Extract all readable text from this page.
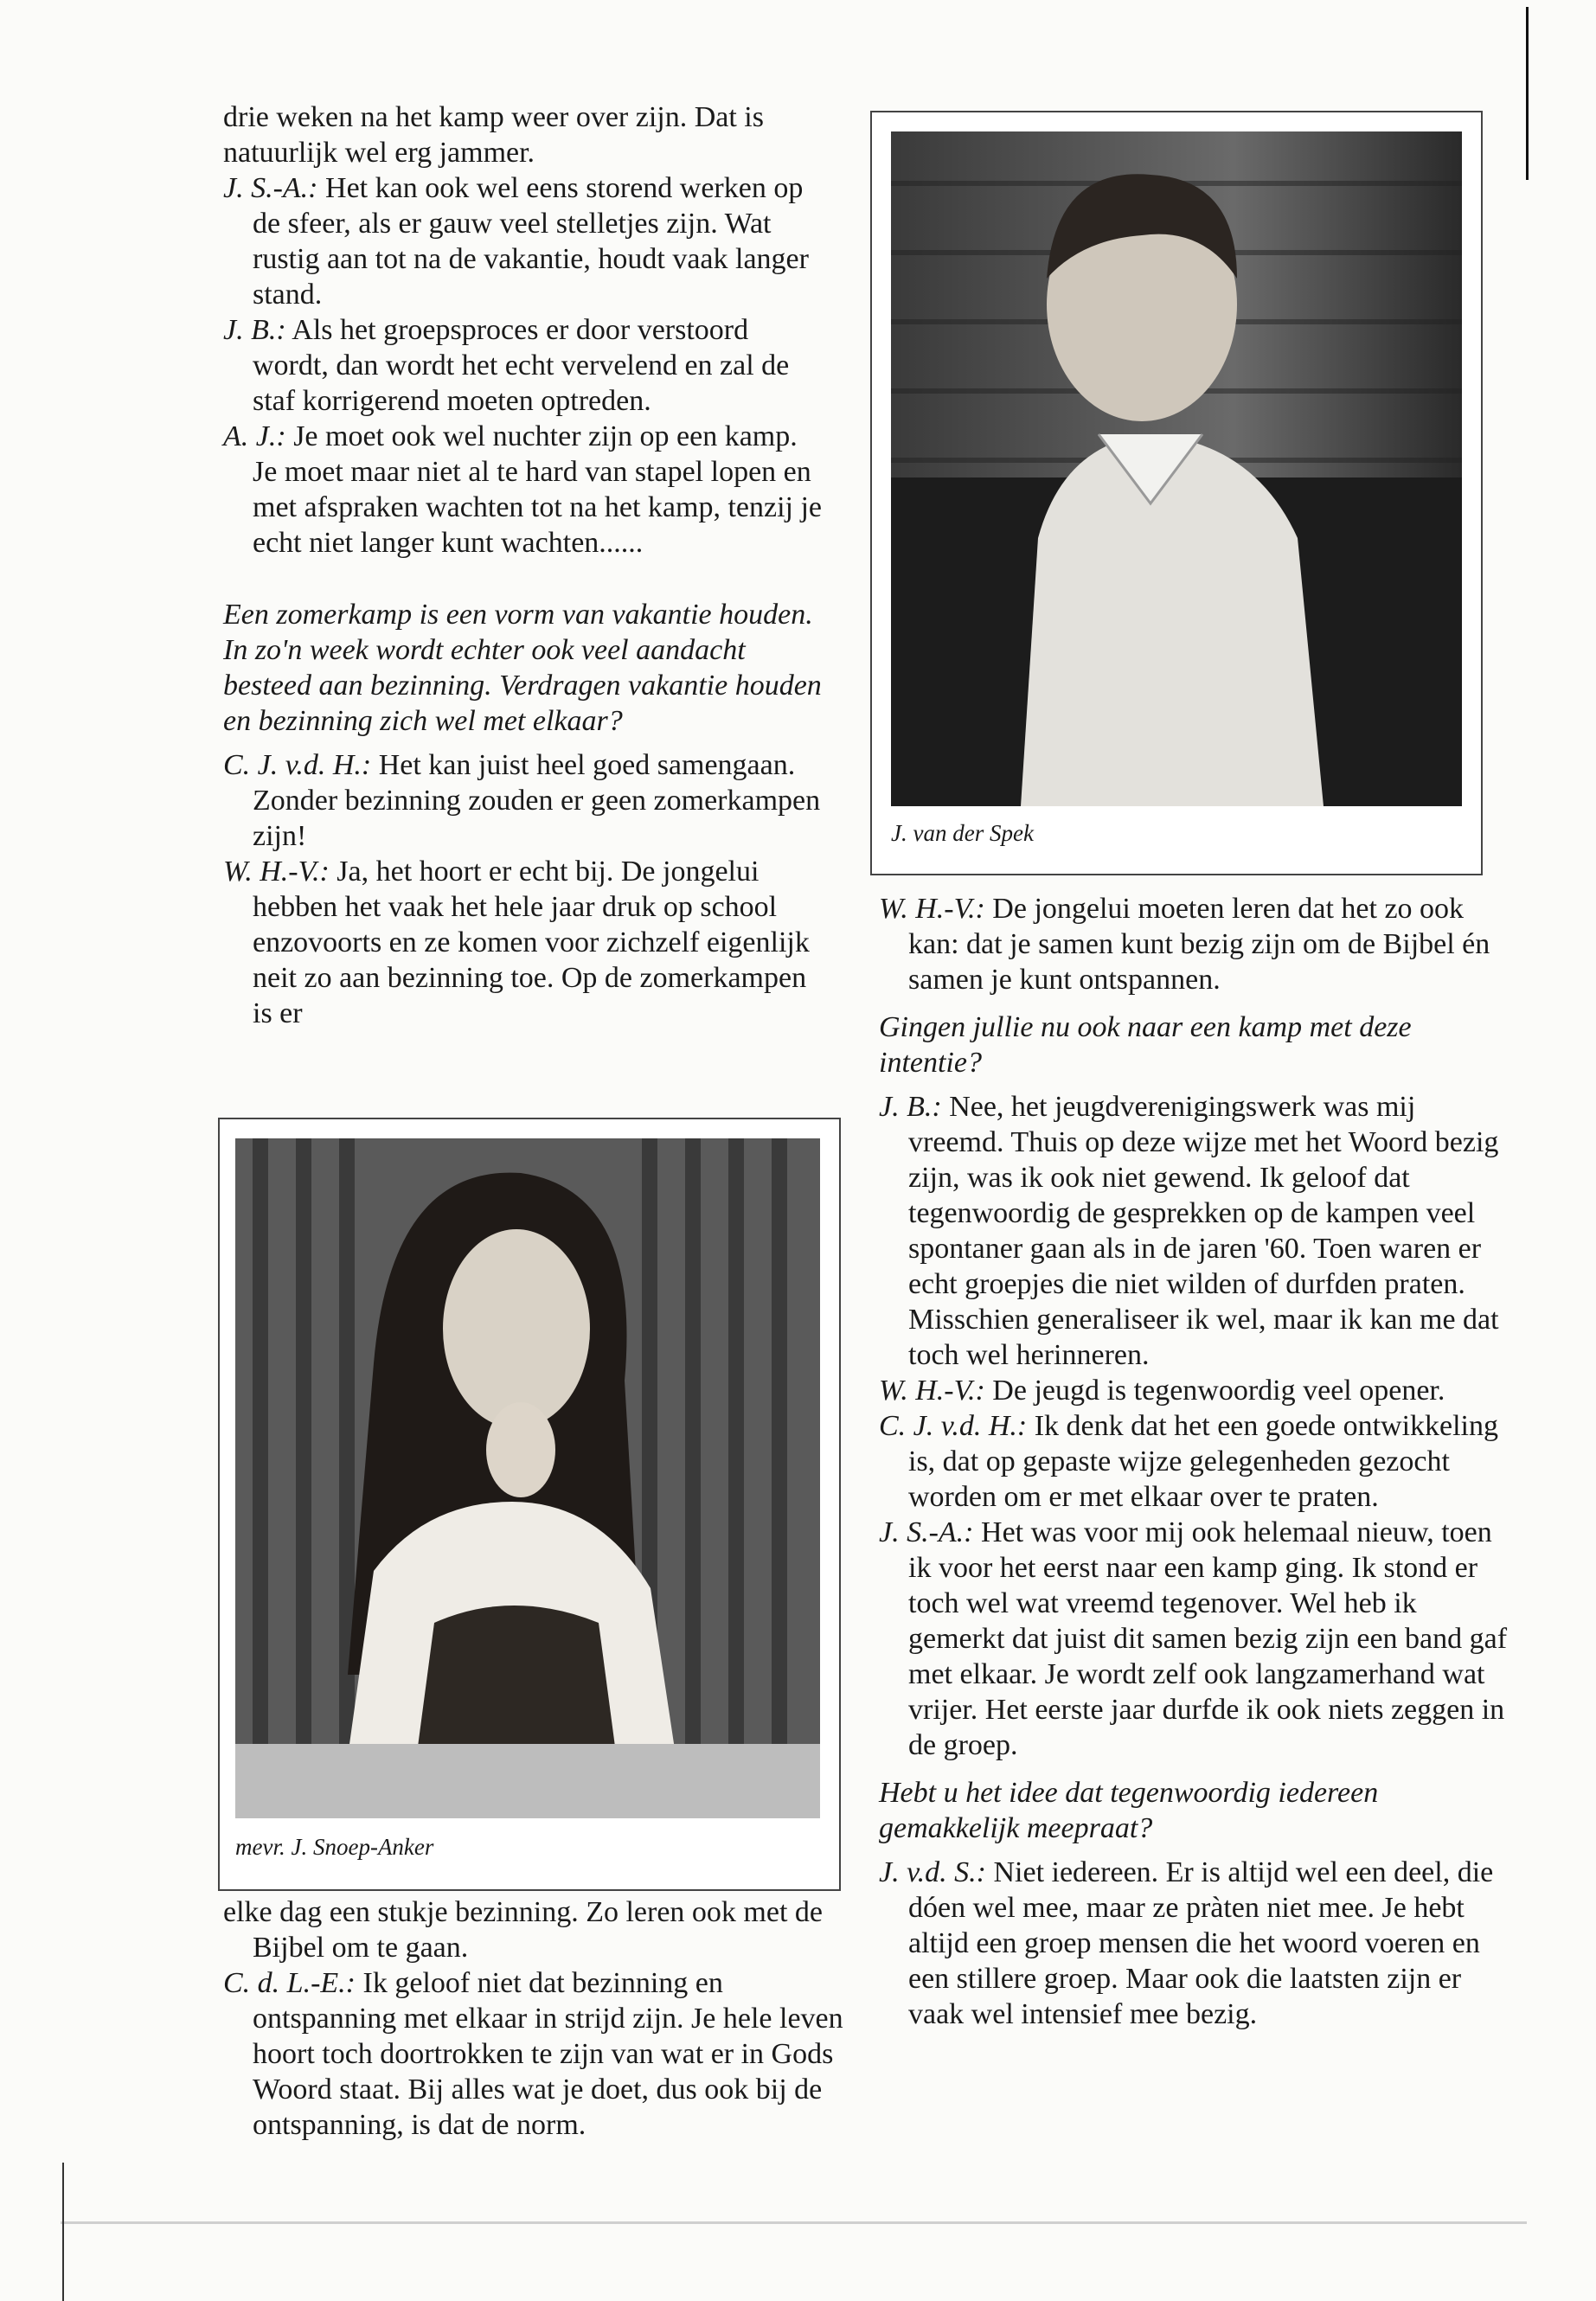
drie weken na het kamp weer over zijn. Dat is natuurlijk wel erg jammer.

J. S.-A.: Het kan ook wel eens storend werken op de sfeer, als er gauw veel stelletjes zijn. Wat rustig aan tot na de vakantie, houdt vaak langer stand.

J. B.: Als het groepsproces er door verstoord wordt, dan wordt het echt vervelend en zal de staf korrigerend moeten optreden.

A. J.: Je moet ook wel nuchter zijn op een kamp. Je moet maar niet al te hard van stapel lopen en met afspraken wachten tot na het kamp, tenzij je echt niet langer kunt wachten......

Een zomerkamp is een vorm van vakantie houden. In zo'n week wordt echter ook veel aandacht besteed aan bezinning. Verdragen vakantie houden en bezinning zich wel met elkaar?

C. J. v.d. H.: Het kan juist heel goed samengaan. Zonder bezinning zouden er geen zomerkampen zijn!

W. H.-V.: Ja, het hoort er echt bij. De jongelui hebben het vaak het hele jaar druk op school enzovoorts en ze komen voor zichzelf eigenlijk neit zo aan bezinning toe. Op de zomerkampen is er

J. van der Spek
mevr. J. Snoep-Anker

elke dag een stukje bezinning. Zo leren ook met de Bijbel om te gaan.

C. d. L.-E.: Ik geloof niet dat bezinning en ontspanning met elkaar in strijd zijn. Je hele leven hoort toch doortrokken te zijn van wat er in Gods Woord staat. Bij alles wat je doet, dus ook bij de ontspanning, is dat de norm.

W. H.-V.: De jongelui moeten leren dat het zo ook kan: dat je samen kunt bezig zijn om de Bijbel én samen je kunt ontspannen.

Gingen jullie nu ook naar een kamp met deze intentie?

J. B.: Nee, het jeugdverenigingswerk was mij vreemd. Thuis op deze wijze met het Woord bezig zijn, was ik ook niet gewend. Ik geloof dat tegenwoordig de gesprekken op de kampen veel spontaner gaan als in de jaren '60. Toen waren er echt groepjes die niet wilden of durfden praten. Misschien generaliseer ik wel, maar ik kan me dat toch wel herinneren.

W. H.-V.: De jeugd is tegenwoordig veel opener.

C. J. v.d. H.: Ik denk dat het een goede ontwikkeling is, dat op gepaste wijze gelegenheden gezocht worden om er met elkaar over te praten.

J. S.-A.: Het was voor mij ook helemaal nieuw, toen ik voor het eerst naar een kamp ging. Ik stond er toch wel wat vreemd tegenover. Wel heb ik gemerkt dat juist dit samen bezig zijn een band gaf met elkaar. Je wordt zelf ook langzamerhand wat vrijer. Het eerste jaar durfde ik ook niets zeggen in de groep.

Hebt u het idee dat tegenwoordig iedereen gemakkelijk meepraat?

J. v.d. S.: Niet iedereen. Er is altijd wel een deel, die dóen wel mee, maar ze pràten niet mee. Je hebt altijd een groep mensen die het woord voeren en een stillere groep. Maar ook die laatsten zijn er vaak wel intensief mee bezig.
